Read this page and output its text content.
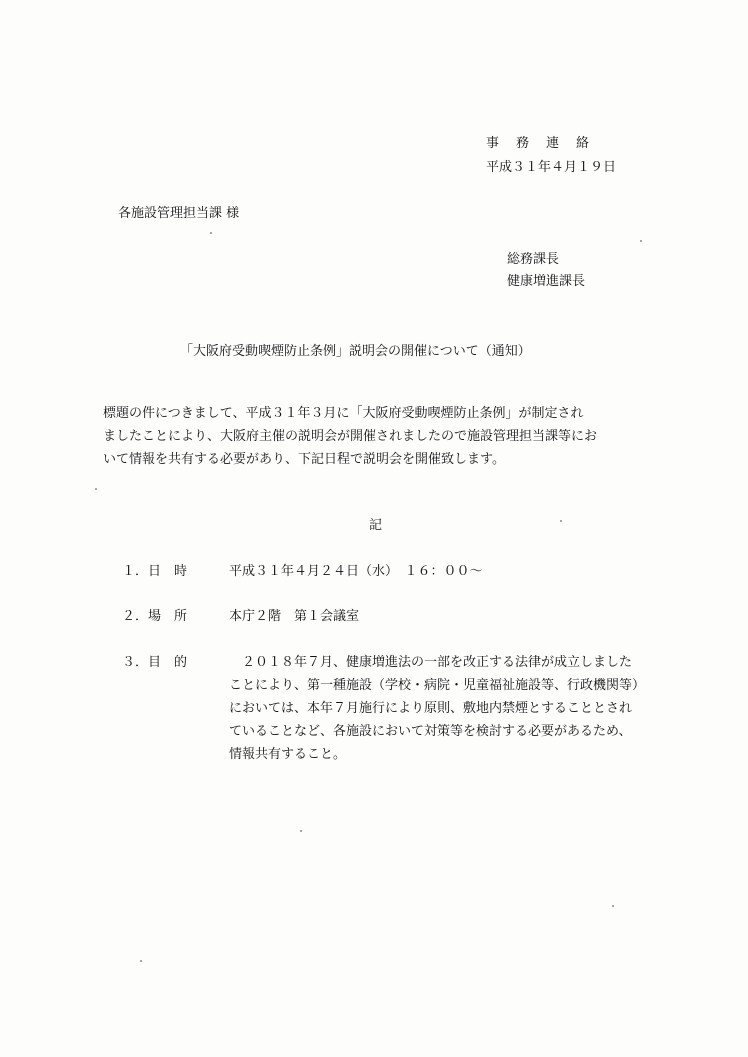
事務連絡
平成３１年４月１９日
各施設管理担当課 様
総務課長
健康増進課長
「大阪府受動喫煙防止条例」説明会の開催について（通知）
標題の件につきまして、平成３１年３月に「大阪府受動喫煙防止条例」が制定され
ましたことにより、大阪府主催の説明会が開催されましたので施設管理担当課等にお
いて情報を共有する必要があり、下記日程で説明会を開催致します。
記
１．日　時	平成３１年４月２４日（水）　１６：００～
２．場　所	本庁２階　第１会議室
３．目　的	　２０１８年７月、健康増進法の一部を改正する法律が成立しました
ことにより、第一種施設（学校・病院・児童福祉施設等、行政機関等）
においては、本年７月施行により原則、敷地内禁煙とすることとされ
ていることなど、各施設において対策等を検討する必要があるため、
情報共有すること。
